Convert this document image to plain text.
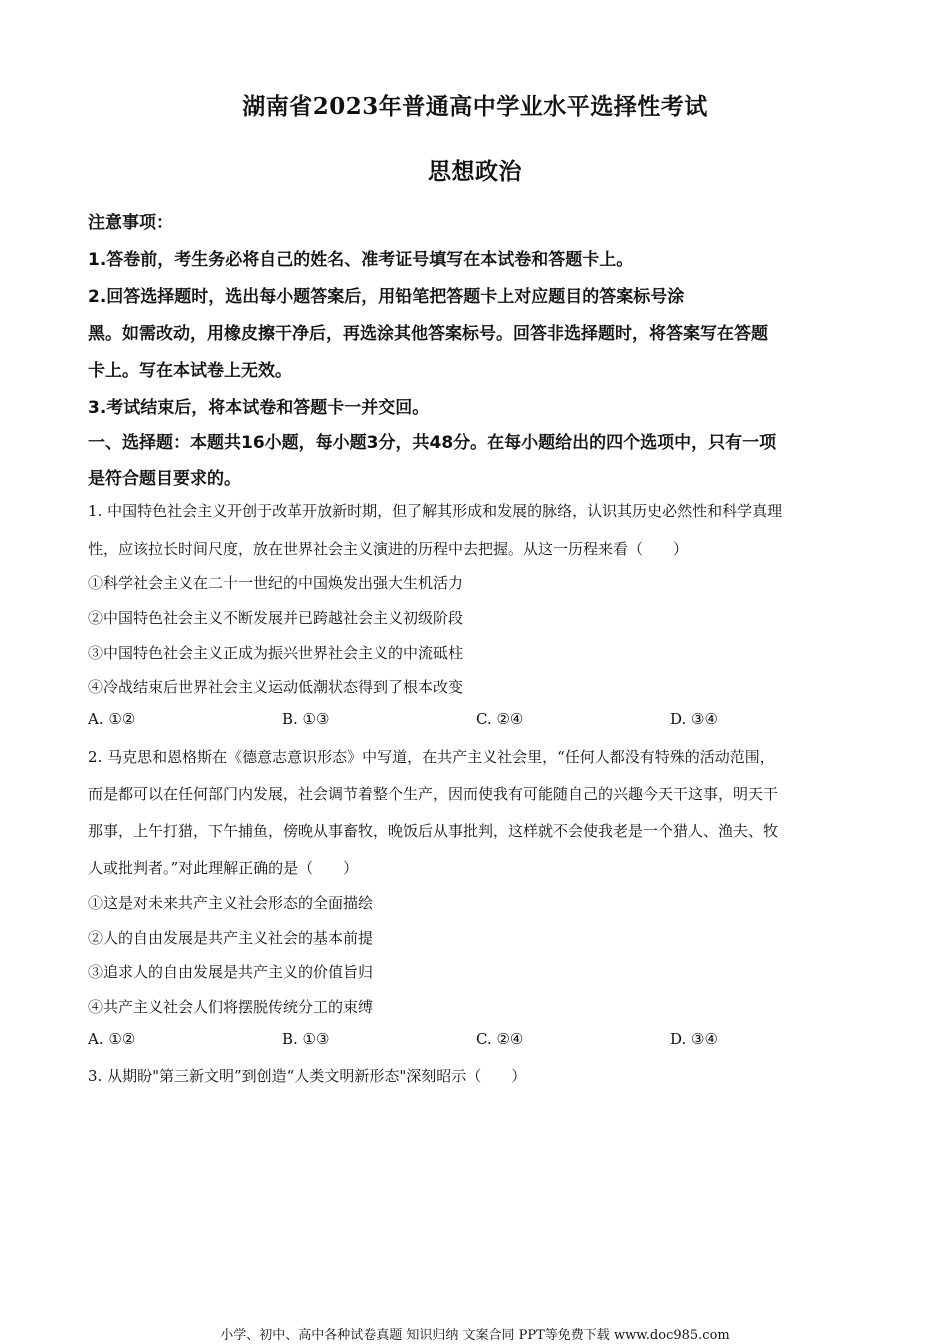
湖南省2023年普通高中学业水平选择性考试
思想政治
注意事项：
1.答卷前，考生务必将自己的姓名、准考证号填写在本试卷和答题卡上。
2.回答选择题时，选出每小题答案后，用铅笔把答题卡上对应题目的答案标号涂
黑。如需改动，用橡皮擦干净后，再选涂其他答案标号。回答非选择题时，将答案写在答题
卡上。写在本试卷上无效。
3.考试结束后，将本试卷和答题卡一并交回。
一、选择题：本题共16小题，每小题3分，共48分。在每小题给出的四个选项中，只有一项
是符合题目要求的。
1. 中国特色社会主义开创于改革开放新时期，但了解其形成和发展的脉络，认识其历史必然性和科学真理
性，应该拉长时间尺度，放在世界社会主义演进的历程中去把握。从这一历程来看（　　）
①科学社会主义在二十一世纪的中国焕发出强大生机活力
②中国特色社会主义不断发展并已跨越社会主义初级阶段
③中国特色社会主义正成为振兴世界社会主义的中流砥柱
④冷战结束后世界社会主义运动低潮状态得到了根本改变
A. ①②	B. ①③	C. ②④	D. ③④
2. 马克思和恩格斯在《德意志意识形态》中写道，在共产主义社会里，“任何人都没有特殊的活动范围，
而是都可以在任何部门内发展，社会调节着整个生产，因而使我有可能随自己的兴趣今天干这事，明天干
那事，上午打猎，下午捕鱼，傍晚从事畜牧，晚饭后从事批判，这样就不会使我老是一个猎人、渔夫、牧
人或批判者。”对此理解正确的是（　　）
①这是对未来共产主义社会形态的全面描绘
②人的自由发展是共产主义社会的基本前提
③追求人的自由发展是共产主义的价值旨归
④共产主义社会人们将摆脱传统分工的束缚
A. ①②	B. ①③	C. ②④	D. ③④
3. 从期盼"第三新文明”到创造“人类文明新形态"深刻昭示（　　）
小学、初中、高中各种试卷真题 知识归纳 文案合同 PPT等免费下载 www.doc985.com
